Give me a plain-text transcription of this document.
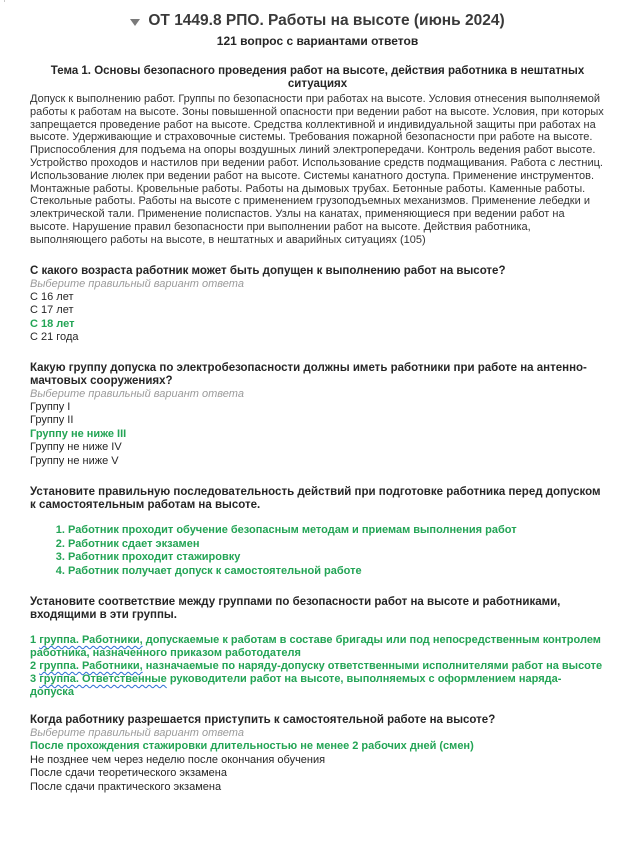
ОТ 1449.8 РПО. Работы на высоте (июнь 2024)
121 вопрос с вариантами ответов
Тема 1. Основы безопасного проведения работ на высоте, действия работника в нештатных ситуациях
Допуск к выполнению работ. Группы по безопасности при работах на высоте. Условия отнесения выполняемой работы к работам на высоте. Зоны повышенной опасности при ведении работ на высоте. Условия, при которых запрещается проведение работ на высоте. Средства коллективной и индивидуальной защиты при работах на высоте. Удерживающие и страховочные системы. Требования пожарной безопасности при работе на высоте. Приспособления для подъема на опоры воздушных линий электропередачи. Контроль ведения работ высоте. Устройство проходов и настилов при ведении работ. Использование средств подмащивания. Работа с лестниц. Использование люлек при ведении работ на высоте. Системы канатного доступа. Применение инструментов. Монтажные работы. Кровельные работы. Работы на дымовых трубах. Бетонные работы. Каменные работы. Стекольные работы. Работы на высоте с применением грузоподъемных механизмов. Применение лебедки и электрической тали. Применение полиспастов. Узлы на канатах, применяющиеся при ведении работ на высоте. Нарушение правил безопасности при выполнении работ на высоте. Действия работника, выполняющего работы на высоте, в нештатных и аварийных ситуациях (105)
С какого возраста работник может быть допущен к выполнению работ на высоте?
Выберите правильный вариант ответа
С 16 лет
С 17 лет
С 18 лет
С 21 года
Какую группу допуска по электробезопасности должны иметь работники при работе на антенно-мачтовых сооружениях?
Выберите правильный вариант ответа
Группу I
Группу II
Группу не ниже III
Группу не ниже IV
Группу не ниже V
Установите правильную последовательность действий при подготовке работника перед допуском к самостоятельным работам на высоте.
1. Работник проходит обучение безопасным методам и приемам выполнения работ
2. Работник сдает экзамен
3. Работник проходит стажировку
4. Работник получает допуск к самостоятельной работе
Установите соответствие между группами по безопасности работ на высоте и работниками, входящими в эти группы.
1 группа. Работники, допускаемые к работам в составе бригады или под непосредственным контролем работника, назначенного приказом работодателя
2 группа. Работники, назначаемые по наряду-допуску ответственными исполнителями работ на высоте
3 группа. Ответственные руководители работ на высоте, выполняемых с оформлением наряда-допуска
Когда работнику разрешается приступить к самостоятельной работе на высоте?
Выберите правильный вариант ответа
После прохождения стажировки длительностью не менее 2 рабочих дней (смен)
Не позднее чем через неделю после окончания обучения
После сдачи теоретического экзамена
После сдачи практического экзамена
